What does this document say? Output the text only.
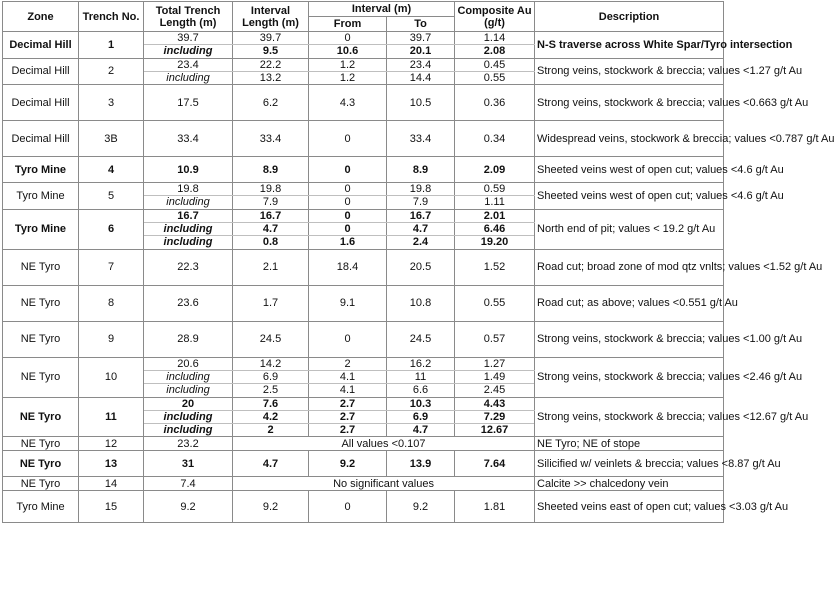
Zone	Trench No.	Total Trench Length (m)	Interval Length (m)	Interval (m)		Composite Au (g/t)	Description
				From	To		
Decimal Hill	1	39.7	39.7	0	39.7	1.14	N-S traverse across White Spar/Tyro intersection
		including	9.5	10.6	20.1	2.08	
Decimal Hill	2	23.4	22.2	1.2	23.4	0.45	Strong veins, stockwork & breccia; values <1.27 g/t Au
		including	13.2	1.2	14.4	0.55	
Decimal Hill	3	17.5	6.2	4.3	10.5	0.36	Strong veins, stockwork & breccia; values <0.663 g/t Au
Decimal Hill	3B	33.4	33.4	0	33.4	0.34	Widespread veins, stockwork & breccia; values <0.787 g/t Au
Tyro Mine	4	10.9	8.9	0	8.9	2.09	Sheeted veins west of open cut; values <4.6 g/t Au
Tyro Mine	5	19.8	19.8	0	19.8	0.59	Sheeted veins west of open cut; values <4.6 g/t Au
		including	7.9	0	7.9	1.11	
Tyro Mine	6	16.7	16.7	0	16.7	2.01	North end of pit; values < 19.2 g/t Au
		including	4.7	0	4.7	6.46	
		including	0.8	1.6	2.4	19.20	
NE Tyro	7	22.3	2.1	18.4	20.5	1.52	Road cut; broad zone of mod qtz vnlts; values <1.52 g/t Au
NE Tyro	8	23.6	1.7	9.1	10.8	0.55	Road cut; as above; values <0.551 g/t Au
NE Tyro	9	28.9	24.5	0	24.5	0.57	Strong veins, stockwork & breccia; values <1.00 g/t Au
NE Tyro	10	20.6	14.2	2	16.2	1.27	Strong veins, stockwork & breccia; values <2.46 g/t Au
		including	6.9	4.1	11	1.49	
		including	2.5	4.1	6.6	2.45	
NE Tyro	11	20	7.6	2.7	10.3	4.43	Strong veins, stockwork & breccia; values <12.67 g/t Au
		including	4.2	2.7	6.9	7.29	
		including	2	2.7	4.7	12.67	
NE Tyro	12	23.2	All values <0.107				NE Tyro; NE of stope
NE Tyro	13	31	4.7	9.2	13.9	7.64	Silicified w/ veinlets & breccia; values <8.87 g/t Au
NE Tyro	14	7.4	No significant values				Calcite >> chalcedony vein
Tyro Mine	15	9.2	9.2	0	9.2	1.81	Sheeted veins east of open cut; values <3.03 g/t Au
